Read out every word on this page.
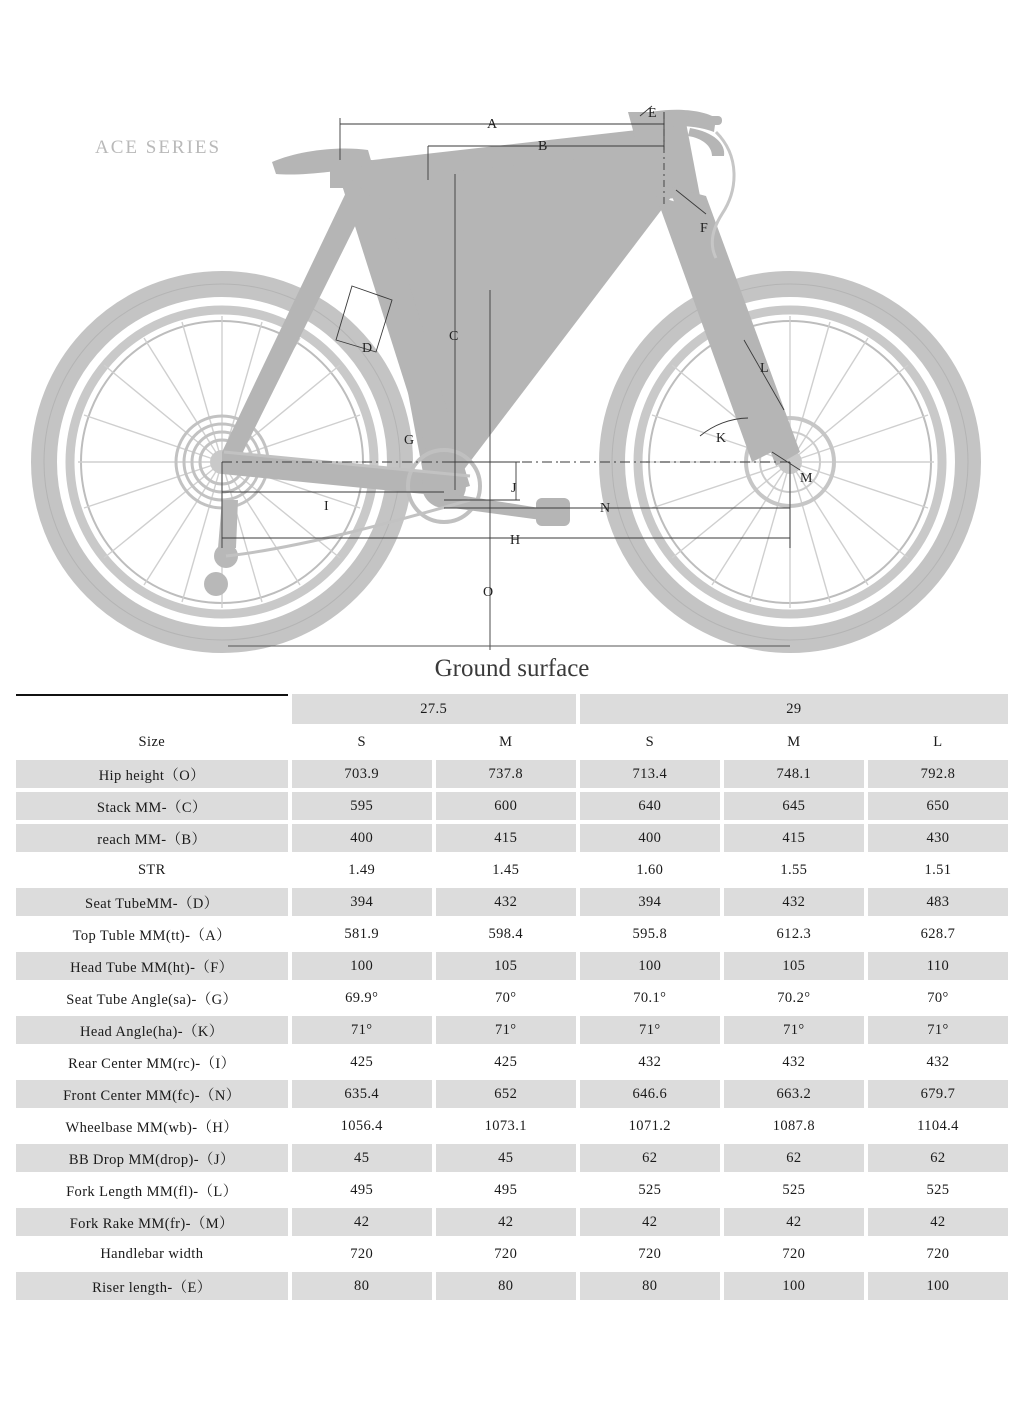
A
B
C
D
E
F
G
H
I
J
K
L
M
N
O
ACE SERIES
Ground surface
	27.5		29		
Size	S	M	S	M	L
Hip height（O）	703.9	737.8	713.4	748.1	792.8
Stack MM-（C）	595	600	640	645	650
reach MM-（B）	400	415	400	415	430
STR	1.49	1.45	1.60	1.55	1.51
Seat TubeMM-（D）	394	432	394	432	483
Top Tuble MM(tt)-（A）	581.9	598.4	595.8	612.3	628.7
Head Tube MM(ht)-（F）	100	105	100	105	110
Seat Tube Angle(sa)-（G）	69.9°	70°	70.1°	70.2°	70°
Head Angle(ha)-（K）	71°	71°	71°	71°	71°
Rear Center MM(rc)-（I）	425	425	432	432	432
Front Center MM(fc)-（N）	635.4	652	646.6	663.2	679.7
Wheelbase MM(wb)-（H）	1056.4	1073.1	1071.2	1087.8	1104.4
BB Drop MM(drop)-（J）	45	45	62	62	62
Fork Length MM(fl)-（L）	495	495	525	525	525
Fork Rake MM(fr)-（M）	42	42	42	42	42
Handlebar width	720	720	720	720	720
Riser length-（E）	80	80	80	100	100
